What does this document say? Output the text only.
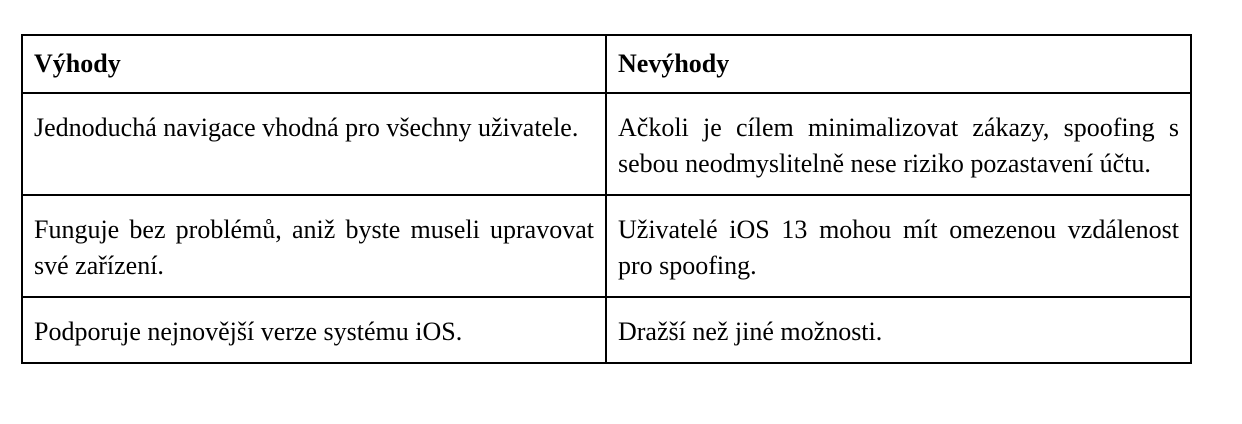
Výhody	Nevýhody
Jednoduchá navigace vhodná pro všechny uživatele.	Ačkoli je cílem minimalizovat zákazy, spoofing s sebou neodmyslitelně nese riziko pozastavení účtu.
Funguje bez problémů, aniž byste museli upravovat své zařízení.	Uživatelé iOS 13 mohou mít omezenou vzdálenost pro spoofing.
Podporuje nejnovější verze systému iOS.	Dražší než jiné možnosti.
